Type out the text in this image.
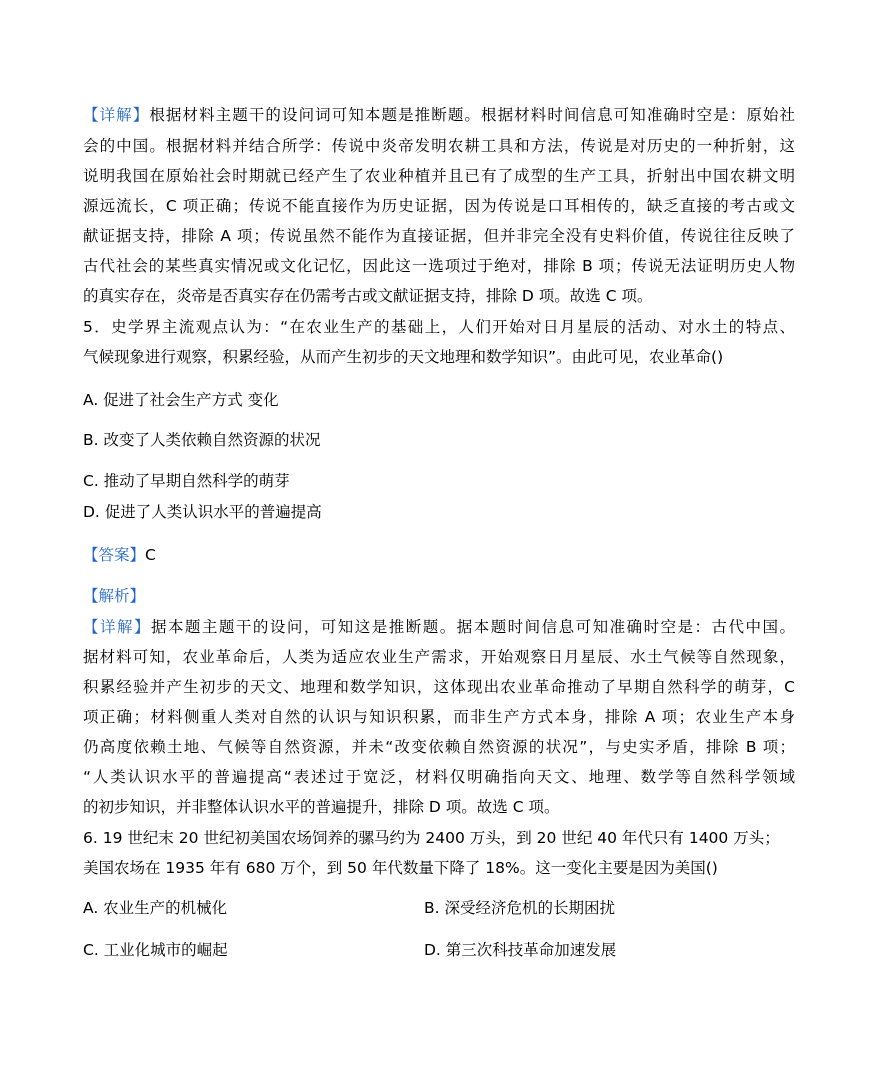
【详解】根据材料主题干的设问词可知本题是推断题。根据材料时间信息可知准确时空是：原始社
会的中国。根据材料并结合所学：传说中炎帝发明农耕工具和方法，传说是对历史的一种折射，这
说明我国在原始社会时期就已经产生了农业种植并且已有了成型的生产工具，折射出中国农耕文明
源远流长，C 项正确；传说不能直接作为历史证据，因为传说是口耳相传的，缺乏直接的考古或文
献证据支持，排除 A 项；传说虽然不能作为直接证据，但并非完全没有史料价值，传说往往反映了
古代社会的某些真实情况或文化记忆，因此这一选项过于绝对，排除 B 项；传说无法证明历史人物
的真实存在，炎帝是否真实存在仍需考古或文献证据支持，排除 D 项。故选 C 项。
5．史学界主流观点认为：“在农业生产的基础上，人们开始对日月星辰的活动、对水土的特点、
气候现象进行观察，积累经验，从而产生初步的天文地理和数学知识”。由此可见，农业革命()
A. 促进了社会生产方式 变化
B. 改变了人类依赖自然资源的状况
C. 推动了早期自然科学的萌芽
D. 促进了人类认识水平的普遍提高
【答案】C
【解析】
【详解】据本题主题干的设问，可知这是推断题。据本题时间信息可知准确时空是：古代中国。
据材料可知，农业革命后，人类为适应农业生产需求，开始观察日月星辰、水土气候等自然现象，
积累经验并产生初步的天文、地理和数学知识，这体现出农业革命推动了早期自然科学的萌芽，C
项正确；材料侧重人类对自然的认识与知识积累，而非生产方式本身，排除 A 项；农业生产本身
仍高度依赖土地、气候等自然资源，并未“改变依赖自然资源的状况”，与史实矛盾，排除 B 项；
“人类认识水平的普遍提高“表述过于宽泛，材料仅明确指向天文、地理、数学等自然科学领域
的初步知识，并非整体认识水平的普遍提升，排除 D 项。故选 C 项。
6. 19 世纪末 20 世纪初美国农场饲养的骡马约为 2400 万头，到 20 世纪 40 年代只有 1400 万头；
美国农场在 1935 年有 680 万个，到 50 年代数量下降了 18%。这一变化主要是因为美国()
A. 农业生产的机械化	B. 深受经济危机的长期困扰
C. 工业化城市的崛起	D. 第三次科技革命加速发展
